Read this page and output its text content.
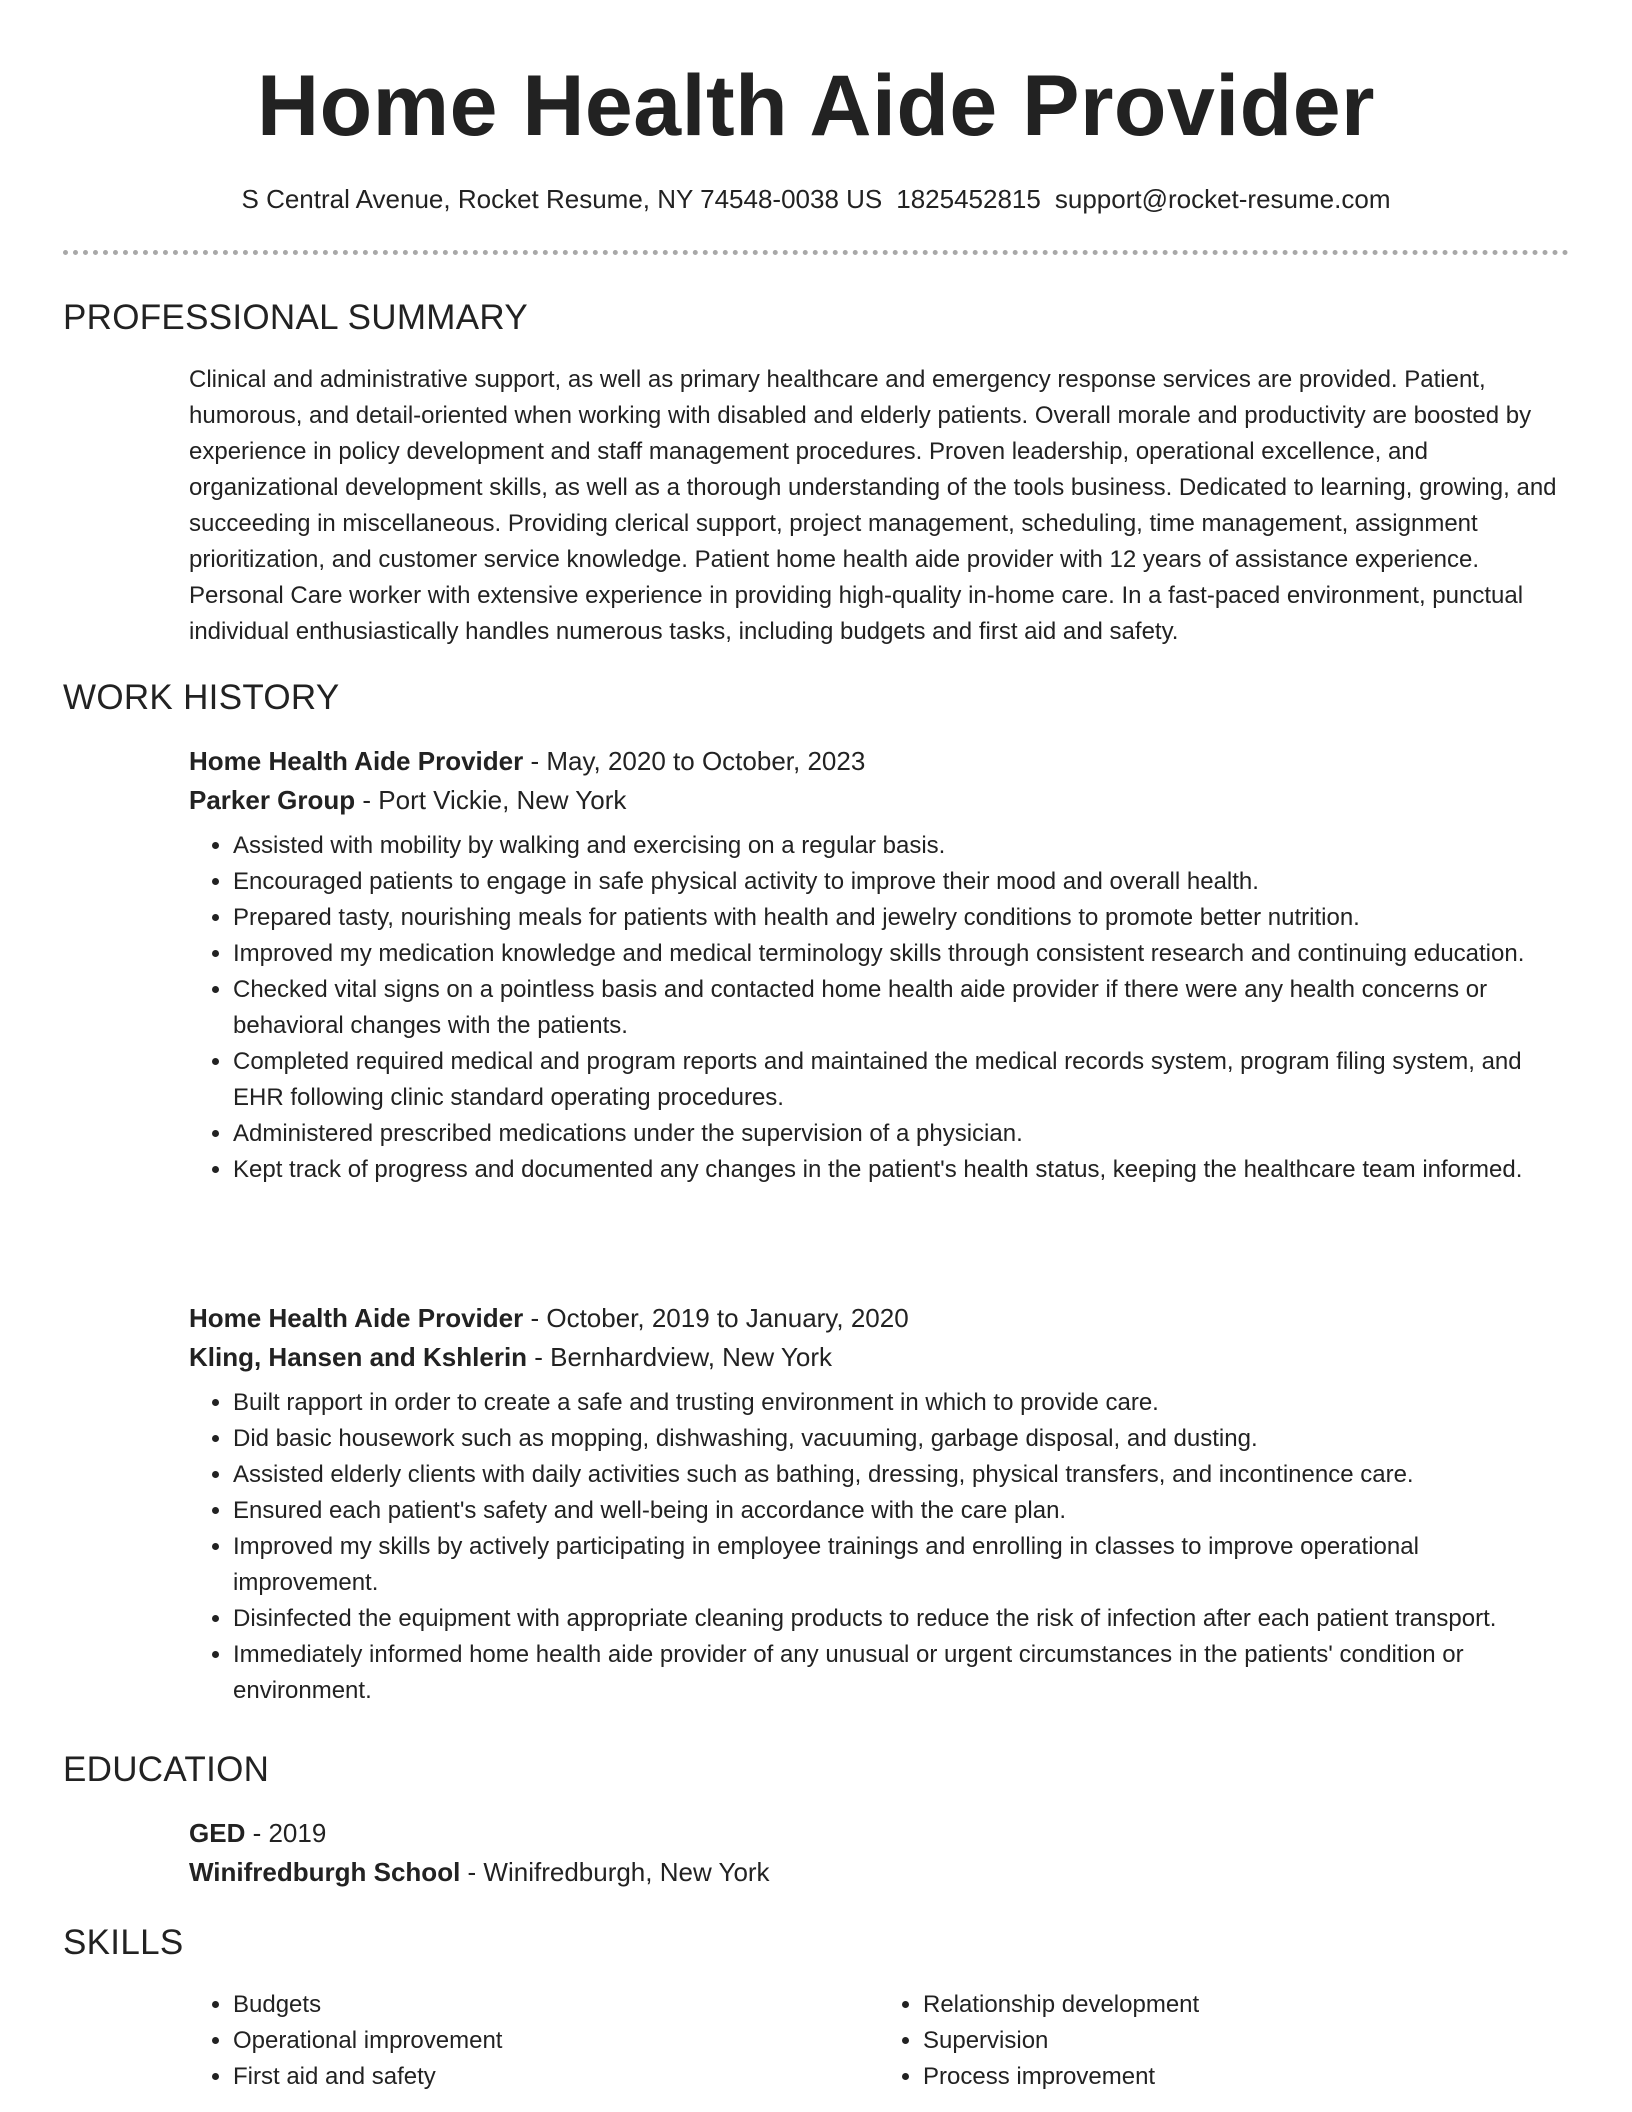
Home Health Aide Provider
S Central Avenue, Rocket Resume, NY 74548-0038 US 1825452815 support@rocket-resume.com
PROFESSIONAL SUMMARY

Clinical and administrative support, as well as primary healthcare and emergency response services are provided. Patient, humorous, and detail-oriented when working with disabled and elderly patients. Overall morale and productivity are boosted by experience in policy development and staff management procedures. Proven leadership, operational excellence, and organizational development skills, as well as a thorough understanding of the tools business. Dedicated to learning, growing, and succeeding in miscellaneous. Providing clerical support, project management, scheduling, time management, assignment prioritization, and customer service knowledge. Patient home health aide provider with 12 years of assistance experience. Personal Care worker with extensive experience in providing high-quality in-home care. In a fast-paced environment, punctual individual enthusiastically handles numerous tasks, including budgets and first aid and safety.

WORK HISTORY

Home Health Aide Provider - May, 2020 to October, 2023

Parker Group - Port Vickie, New York

• Assisted with mobility by walking and exercising on a regular basis.
• Encouraged patients to engage in safe physical activity to improve their mood and overall health.
• Prepared tasty, nourishing meals for patients with health and jewelry conditions to promote better nutrition.
• Improved my medication knowledge and medical terminology skills through consistent research and continuing education.
• Checked vital signs on a pointless basis and contacted home health aide provider if there were any health concerns or behavioral changes with the patients.
• Completed required medical and program reports and maintained the medical records system, program filing system, and EHR following clinic standard operating procedures.
• Administered prescribed medications under the supervision of a physician.
• Kept track of progress and documented any changes in the patient's health status, keeping the healthcare team informed.

Home Health Aide Provider - October, 2019 to January, 2020

Kling, Hansen and Kshlerin - Bernhardview, New York

• Built rapport in order to create a safe and trusting environment in which to provide care.
• Did basic housework such as mopping, dishwashing, vacuuming, garbage disposal, and dusting.
• Assisted elderly clients with daily activities such as bathing, dressing, physical transfers, and incontinence care.
• Ensured each patient's safety and well-being in accordance with the care plan.
• Improved my skills by actively participating in employee trainings and enrolling in classes to improve operational improvement.
• Disinfected the equipment with appropriate cleaning products to reduce the risk of infection after each patient transport.
• Immediately informed home health aide provider of any unusual or urgent circumstances in the patients' condition or environment.
EDUCATION

GED - 2019

Winifredburgh School - Winifredburgh, New York

SKILLS
• Budgets
• Operational improvement
• First aid and safety
• Relationship development
• Supervision
• Process improvement
